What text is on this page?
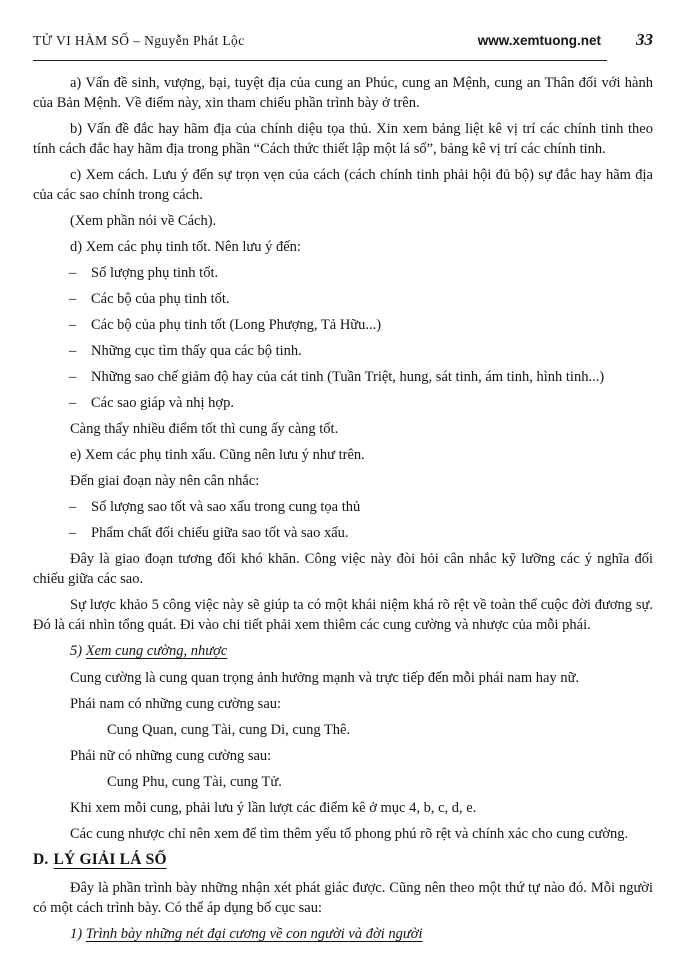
TỬ VI HÀM SỐ – Nguyễn Phát Lộc	www.xemtuong.net	33

a) Vấn đề sinh, vượng, bại, tuyệt địa của cung an Phúc, cung an Mệnh, cung an Thân đối với hành của Bản Mệnh. Về điểm này, xin tham chiếu phần trình bày ở trên.

b) Vấn đề đắc hay hãm địa của chính diệu tọa thủ. Xin xem bảng liệt kê vị trí các chính tinh theo tính cách đắc hay hãm địa trong phần “Cách thức thiết lập một lá số”, bảng kê vị trí các chính tinh.

c) Xem cách. Lưu ý đến sự trọn vẹn của cách (cách chính tinh phải hội đủ bộ) sự đắc hay hãm địa của các sao chính trong cách.

(Xem phần nói về Cách).

d) Xem các phụ tinh tốt. Nên lưu ý đến:

– Số lượng phụ tinh tốt.

– Các bộ của phụ tinh tốt.

– Các bộ của phụ tinh tốt (Long Phượng, Tả Hữu...)

– Những cục tìm thấy qua các bộ tinh.

– Những sao chế giảm độ hay của cát tinh (Tuần Triệt, hung, sát tinh, ám tinh, hình tinh...)

– Các sao giáp và nhị hợp.

Càng thấy nhiều điểm tốt thì cung ấy càng tốt.

e) Xem các phụ tinh xấu. Cũng nên lưu ý như trên.

Đến giai đoạn này nên cân nhắc:

– Số lượng sao tốt và sao xấu trong cung tọa thủ

– Phẩm chất đối chiếu giữa sao tốt và sao xấu.

Đây là giao đoạn tương đối khó khăn. Công việc này đòi hỏi cân nhắc kỹ lưỡng các ý nghĩa đối chiếu giữa các sao.

Sự lược khảo 5 công việc này sẽ giúp ta có một khái niệm khá rõ rệt về toàn thể cuộc đời đương sự. Đó là cái nhìn tổng quát. Đi vào chi tiết phải xem thiêm các cung cường và nhược của mỗi phái.

5) Xem cung cường, nhược

Cung cường là cung quan trọng ảnh hưởng mạnh và trực tiếp đến mỗi phái nam hay nữ.

Phái nam có những cung cường sau:

Cung Quan, cung Tài, cung Di, cung Thê.

Phái nữ có những cung cường sau:

Cung Phu, cung Tài, cung Tử.

Khi xem mỗi cung, phải lưu ý lần lượt các điểm kê ở mục 4, b, c, d, e.

Các cung nhược chỉ nên xem để tìm thêm yếu tố phong phú rõ rệt và chính xác cho cung cường.

D. LÝ GIẢI LÁ SỐ

Đây là phần trình bày những nhận xét phát giác được. Cũng nên theo một thứ tự nào đó. Mỗi người có một cách trình bày. Có thể áp dụng bố cục sau:

1) Trình bày những nét đại cương về con người và đời người
